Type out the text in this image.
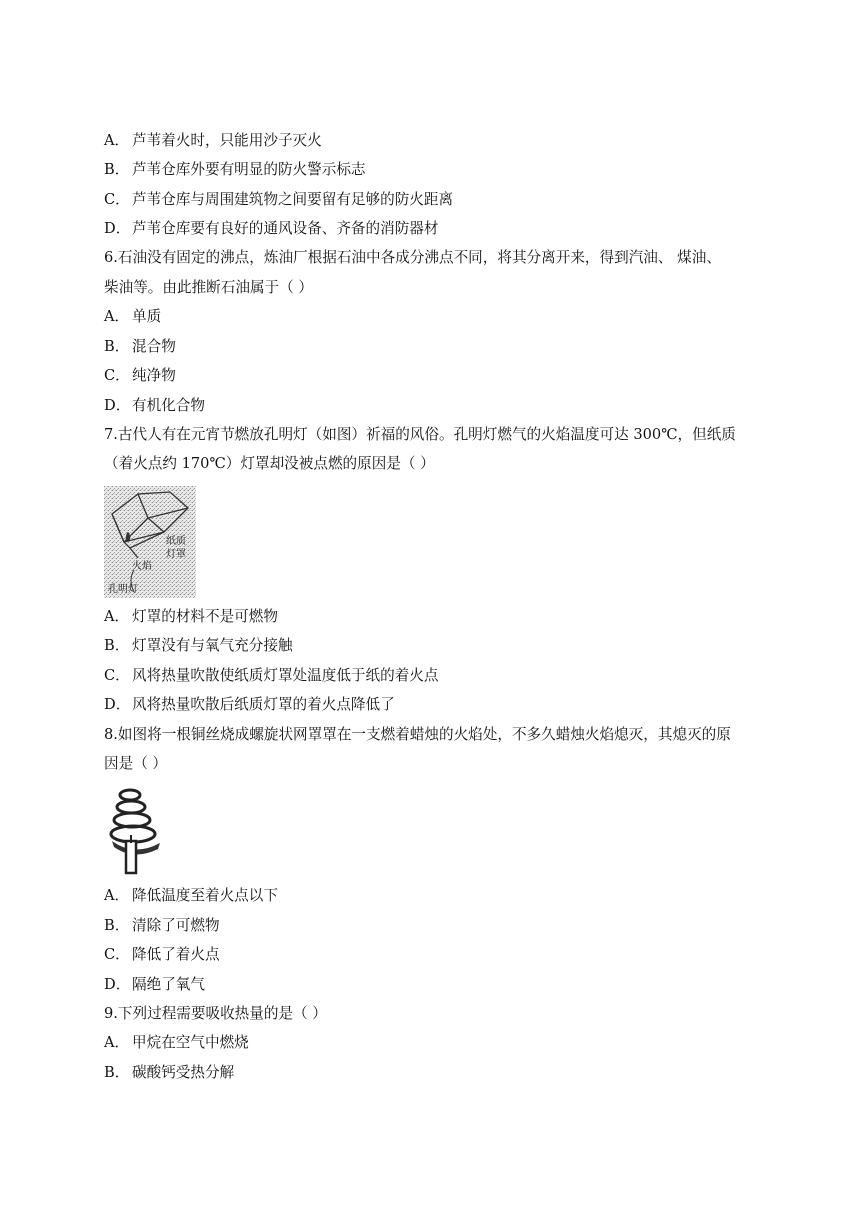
A． 芦苇着火时，只能用沙子灭火
B． 芦苇仓库外要有明显的防火警示标志
C． 芦苇仓库与周围建筑物之间要留有足够的防火距离
D． 芦苇仓库要有良好的通风设备、齐备的消防器材
6.石油没有固定的沸点，炼油厂根据石油中各成分沸点不同，将其分离开来，得到汽油、 煤油、
柴油等。由此推断石油属于（ ）
A． 单质
B． 混合物
C． 纯净物
D． 有机化合物
7.古代人有在元宵节燃放孔明灯（如图）祈福的风俗。孔明灯燃气的火焰温度可达 300℃，但纸质
（着火点约 170℃）灯罩却没被点燃的原因是（ ）
纸质
灯罩
火焰
孔明灯
A． 灯罩的材料不是可燃物
B． 灯罩没有与氧气充分接触
C． 风将热量吹散使纸质灯罩处温度低于纸的着火点
D． 风将热量吹散后纸质灯罩的着火点降低了
8.如图将一根铜丝烧成螺旋状网罩罩在一支燃着蜡烛的火焰处，不多久蜡烛火焰熄灭，其熄灭的原
因是（ ）
A． 降低温度至着火点以下
B． 清除了可燃物
C． 降低了着火点
D． 隔绝了氧气
9.下列过程需要吸收热量的是（ ）
A． 甲烷在空气中燃烧
B． 碳酸钙受热分解
